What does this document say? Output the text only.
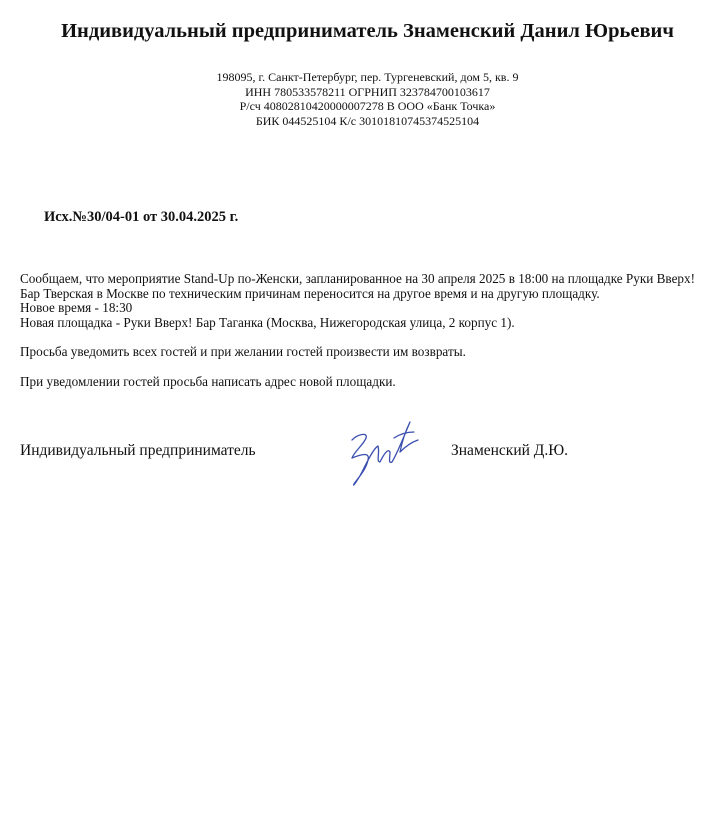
Индивидуальный предприниматель Знаменский Данил Юрьевич
198095, г. Санкт-Петербург, пер. Тургеневский, дом 5, кв. 9
ИНН 780533578211 ОГРНИП 323784700103617
Р/сч 40802810420000007278 В ООО «Банк Точка»
БИК 044525104 К/с 30101810745374525104
Исх.№30/04-01 от 30.04.2025 г.
Сообщаем, что мероприятие Stand-Up по-Женски, запланированное на 30 апреля 2025 в 18:00 на площадке Руки Вверх! Бар Тверская в Москве по техническим причинам переносится на другое время и на другую площадку.
Новое время - 18:30
Новая площадка - Руки Вверх! Бар Таганка (Москва, Нижегородская улица, 2 корпус 1).
Просьба уведомить всех гостей и при желании гостей произвести им возвраты.
При уведомлении гостей просьба написать адрес новой площадки.
Индивидуальный предприниматель	Знаменский Д.Ю.
